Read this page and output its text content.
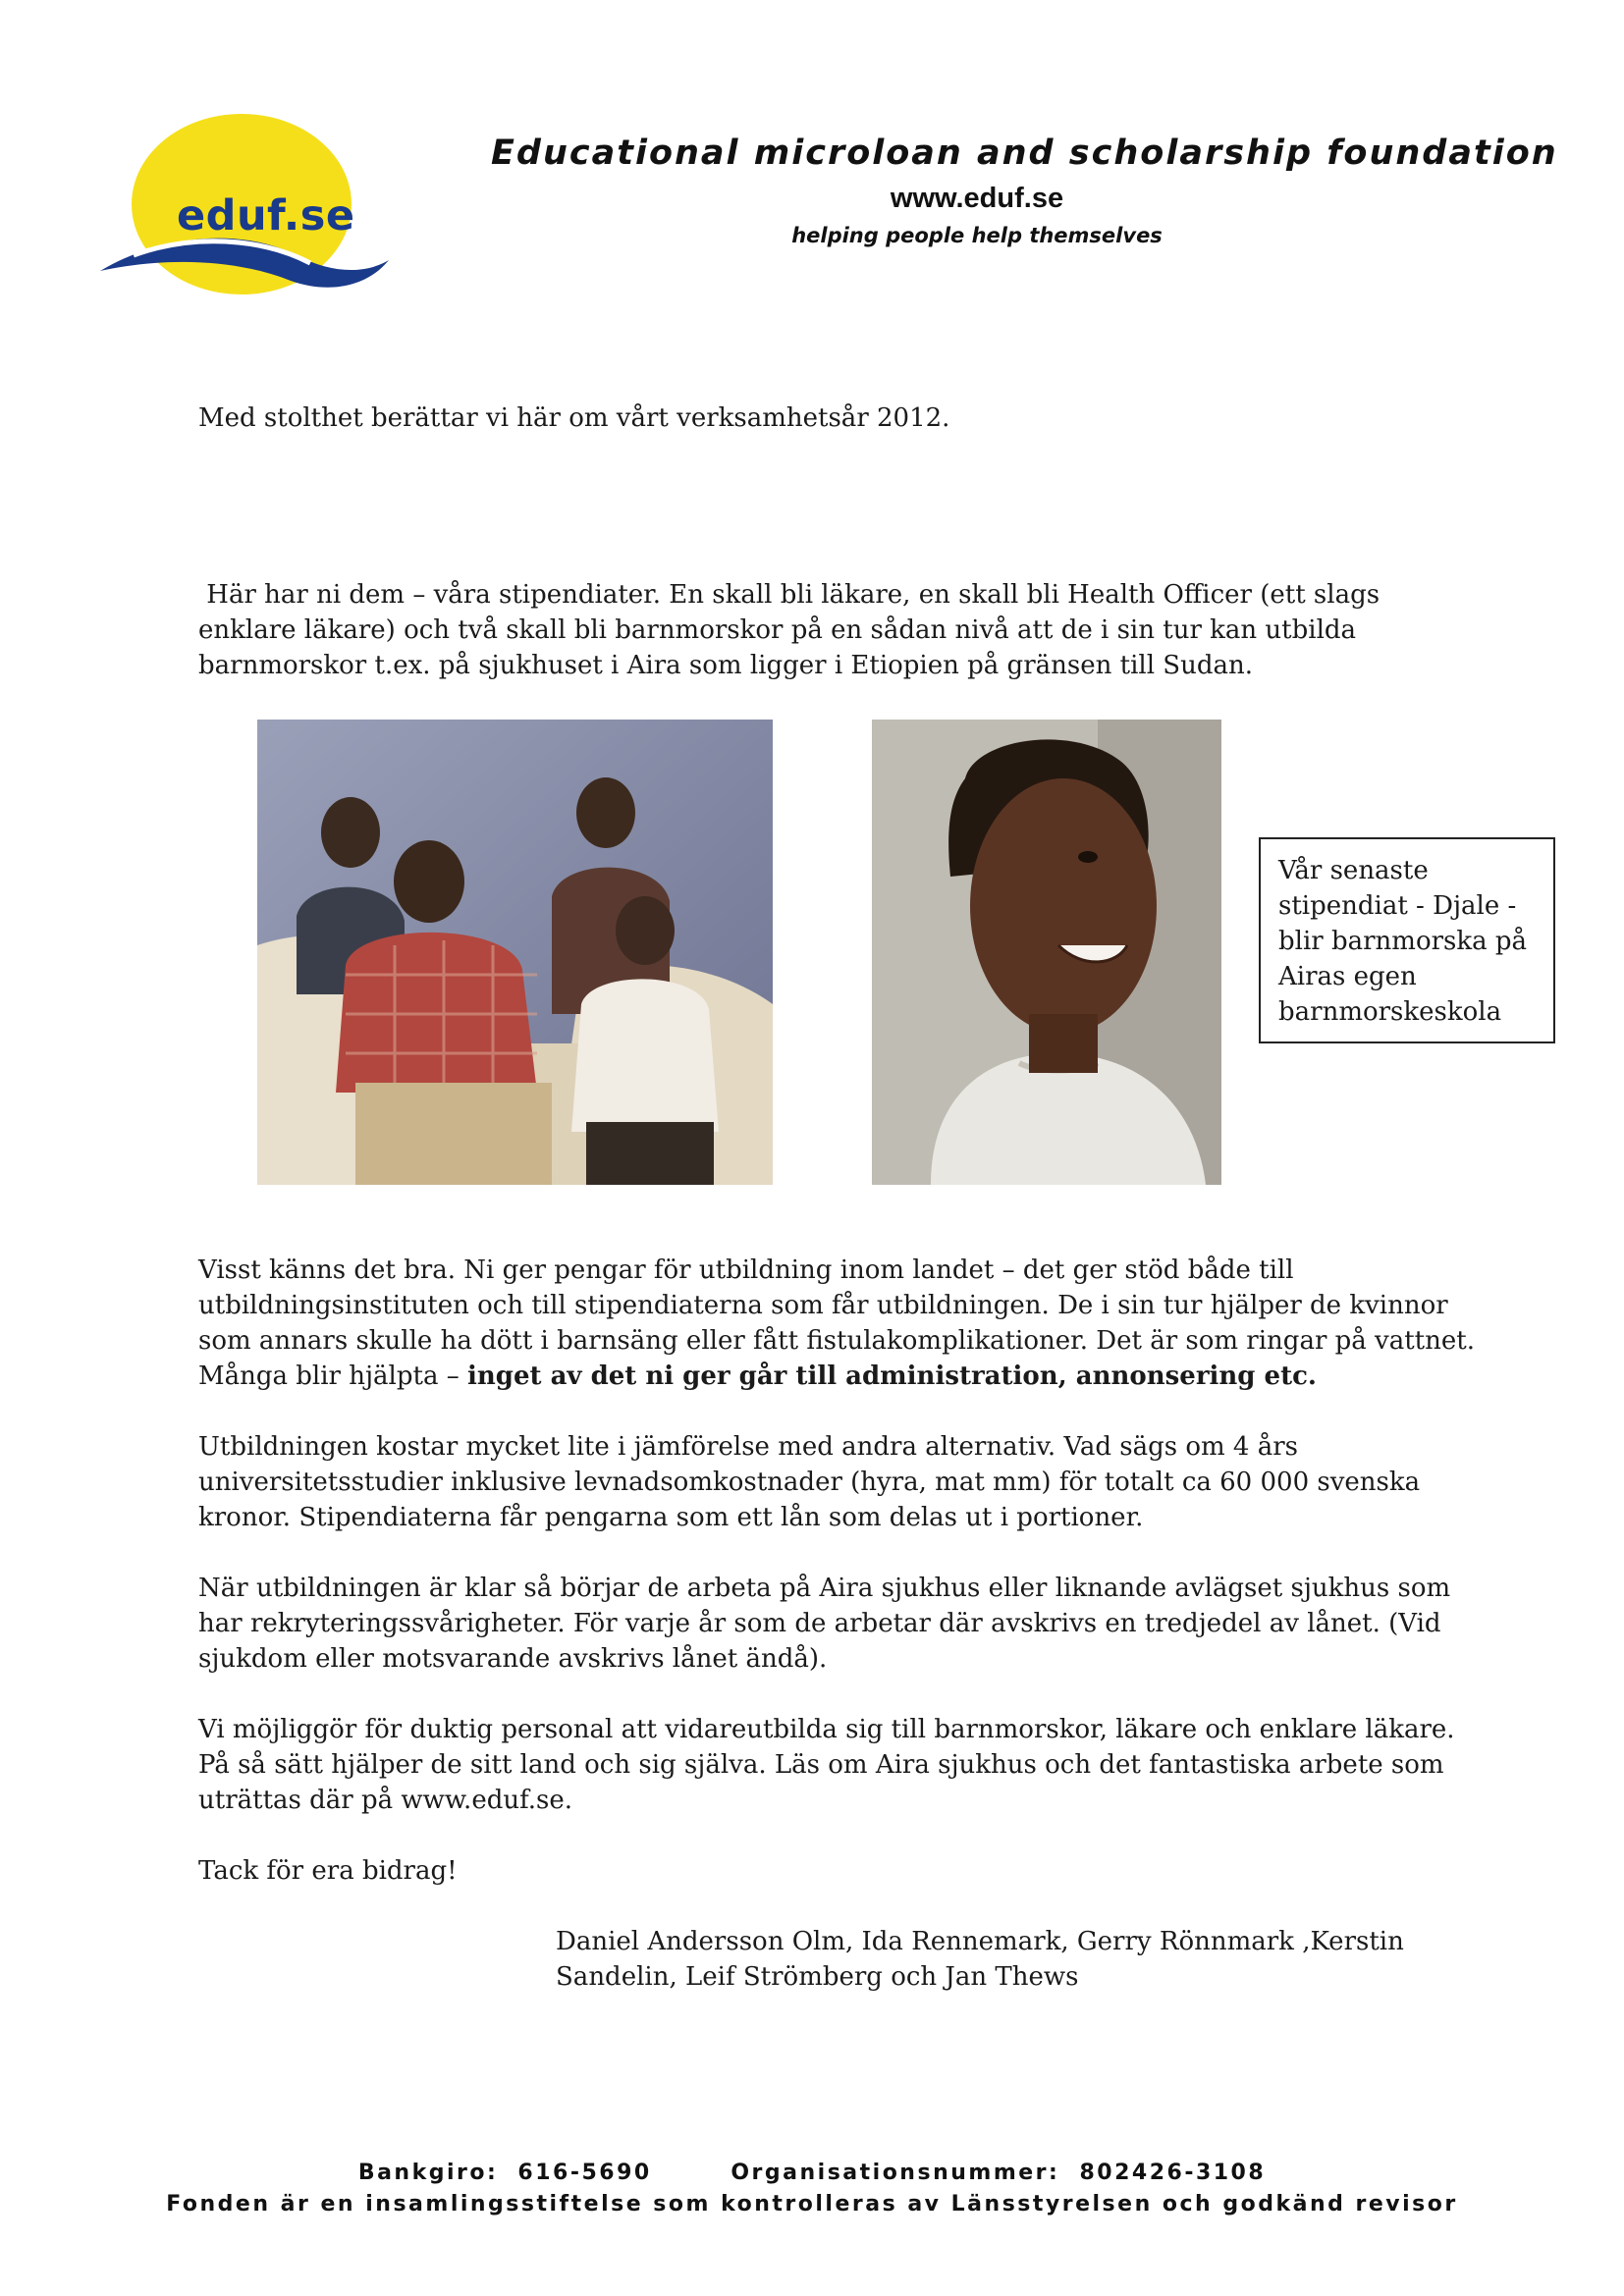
eduf.se
Educational microloan and scholarship foundation
www.eduf.se
helping people help themselves
Med stolthet berättar vi här om vårt verksamhetsår 2012.
Här har ni dem – våra stipendiater. En skall bli läkare, en skall bli Health Officer (ett slags enklare läkare) och två skall bli barnmorskor på en sådan nivå att de i sin tur kan utbilda barnmorskor t.ex. på sjukhuset i Aira som ligger i Etiopien på gränsen till Sudan.
Vår senaste stipendiat - Djale - blir barnmorska på Airas egen barnmorskeskola
Visst känns det bra. Ni ger pengar för utbildning inom landet – det ger stöd både till utbildningsinstituten och till stipendiaterna som får utbildningen. De i sin tur hjälper de kvinnor som annars skulle ha dött i barnsäng eller fått fistulakomplikationer. Det är som ringar på vattnet. Många blir hjälpta – inget av det ni ger går till administration, annonsering etc.
Utbildningen kostar mycket lite i jämförelse med andra alternativ. Vad sägs om 4 års universitetsstudier inklusive levnadsomkostnader (hyra, mat mm) för totalt ca 60 000 svenska kronor. Stipendiaterna får pengarna som ett lån som delas ut i portioner.
När utbildningen är klar så börjar de arbeta på Aira sjukhus eller liknande avlägset sjukhus som har rekryteringssvårigheter. För varje år som de arbetar där avskrivs en tredjedel av lånet. (Vid sjukdom eller motsvarande avskrivs lånet ändå).
Vi möjliggör för duktig personal att vidareutbilda sig till barnmorskor, läkare och enklare läkare. På så sätt hjälper de sitt land och sig själva. Läs om Aira sjukhus och det fantastiska arbete som uträttas där på www.eduf.se.
Tack för era bidrag!
Daniel Andersson Olm, Ida Rennemark, Gerry Rönnmark ,Kerstin Sandelin, Leif Strömberg och Jan Thews
Bankgiro: 616-5690    Organisationsnummer: 802426-3108
Fonden är en insamlingsstiftelse som kontrolleras av Länsstyrelsen och godkänd revisor
